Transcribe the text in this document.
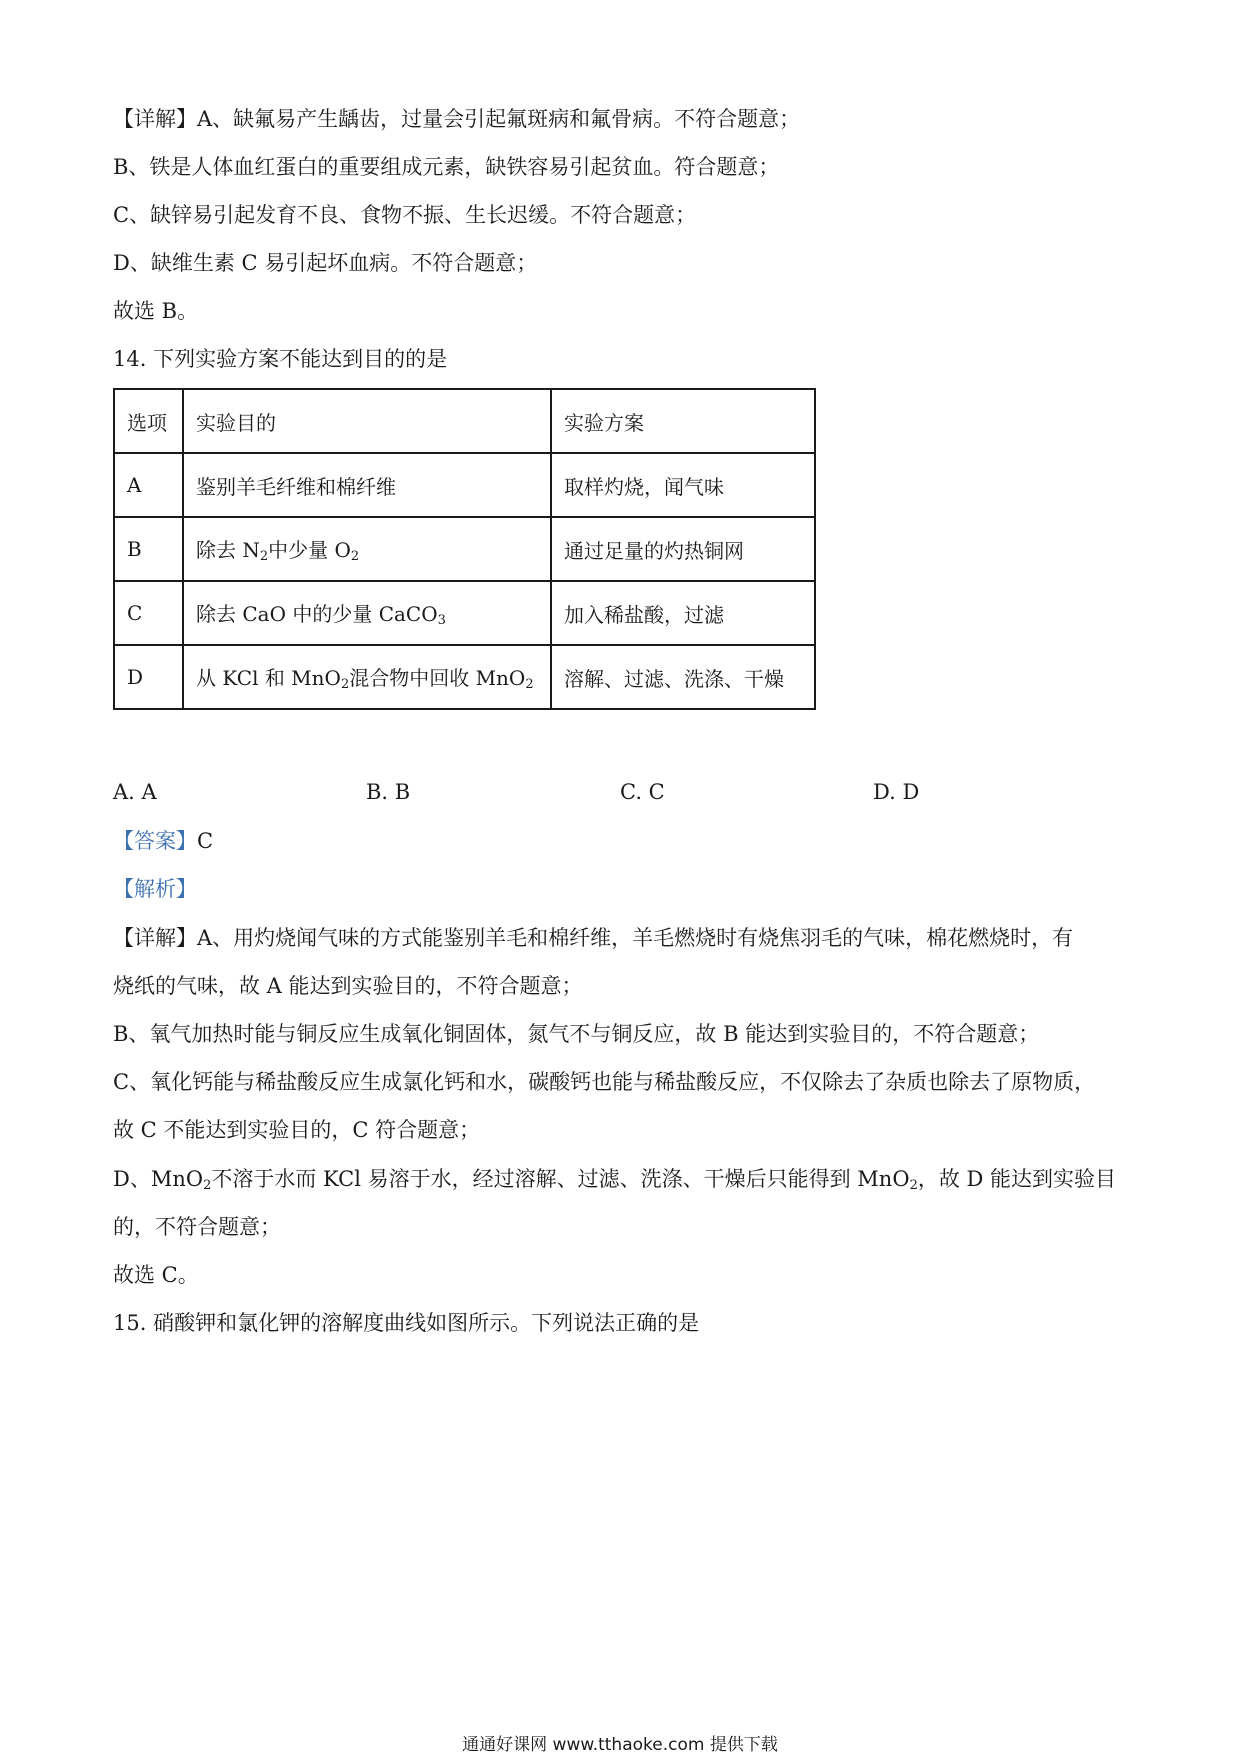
【详解】A、缺氟易产生龋齿，过量会引起氟斑病和氟骨病。不符合题意；
B、铁是人体血红蛋白的重要组成元素，缺铁容易引起贫血。符合题意；
C、缺锌易引起发育不良、食物不振、生长迟缓。不符合题意；
D、缺维生素 C 易引起坏血病。不符合题意；
故选 B。
14. 下列实验方案不能达到目的的是
选项	实验目的	实验方案
A	鉴别羊毛纤维和棉纤维	取样灼烧，闻气味
B	除去 $N_2$中少量 $O_2$	通过足量的灼热铜网
C	除去 CaO 中的少量 CaCO$_3$	加入稀盐酸，过滤
D	从 KCl 和 MnO$_2$混合物中回收 MnO$_2$	溶解、过滤、洗涤、干燥
A. A	B. B	C. C	D. D
【答案】C
【解析】
【详解】A、用灼烧闻气味的方式能鉴别羊毛和棉纤维，羊毛燃烧时有烧焦羽毛的气味，棉花燃烧时，有
烧纸的气味，故 A 能达到实验目的，不符合题意；
B、氧气加热时能与铜反应生成氧化铜固体，氮气不与铜反应，故 B 能达到实验目的，不符合题意；
C、氧化钙能与稀盐酸反应生成氯化钙和水，碳酸钙也能与稀盐酸反应，不仅除去了杂质也除去了原物质，
故 C 不能达到实验目的，C 符合题意；
D、MnO$_2$不溶于水而 KCl 易溶于水，经过溶解、过滤、洗涤、干燥后只能得到 MnO$_2$，故 D 能达到实验目
的，不符合题意；
故选 C。
15. 硝酸钾和氯化钾的溶解度曲线如图所示。下列说法正确的是
通通好课网 www.tthaoke.com 提供下载
